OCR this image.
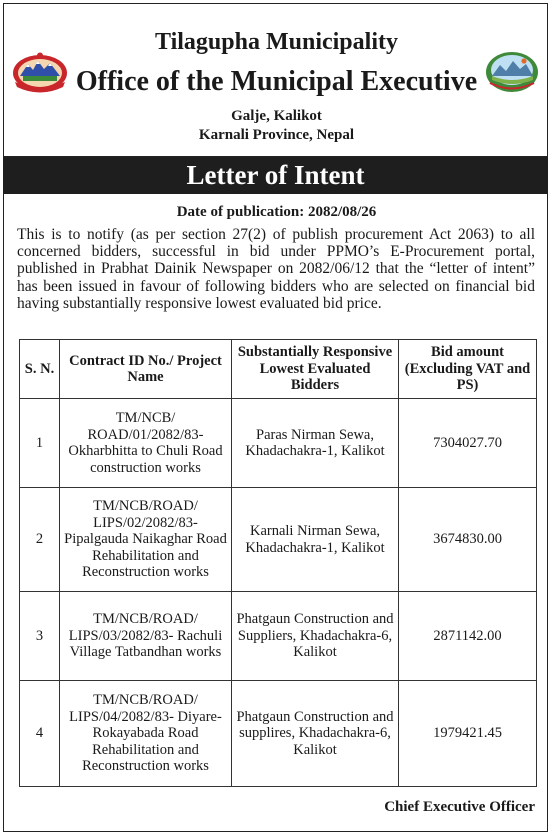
Tilagupha Municipality
Office of the Municipal Executive
Galje, Kalikot
Karnali Province, Nepal
Letter of Intent
Date of publication: 2082/08/26
This is to notify (as per section 27(2) of publish procurement Act 2063) to all concerned bidders, successful in bid under PPMO’s E-Procurement portal, published in Prabhat Dainik Newspaper on 2082/06/12 that the “letter of intent” has been issued in favour of following bidders who are selected on financial bid having substantially responsive lowest evaluated bid price.
S. N.	Contract ID No./ Project Name	Substantially Responsive Lowest Evaluated Bidders	Bid amount (Excluding VAT and PS)
1	TM/NCB/ ROAD/01/2082/83- Okharbhitta to Chuli Road construction works	Paras Nirman Sewa, Khadachakra-1, Kalikot	7304027.70
2	TM/NCB/ROAD/ LIPS/02/2082/83- Pipalgauda Naikaghar Road Rehabilitation and Reconstruction works	Karnali Nirman Sewa, Khadachakra-1, Kalikot	3674830.00
3	TM/NCB/ROAD/ LIPS/03/2082/83- Rachuli Village Tatbandhan works	Phatgaun Construction and Suppliers, Khadachakra-6, Kalikot	2871142.00
4	TM/NCB/ROAD/ LIPS/04/2082/83- Diyare-Rokayabada Road Rehabilitation and Reconstruction works	Phatgaun Construction and supplires, Khadachakra-6, Kalikot	1979421.45
Chief Executive Officer
